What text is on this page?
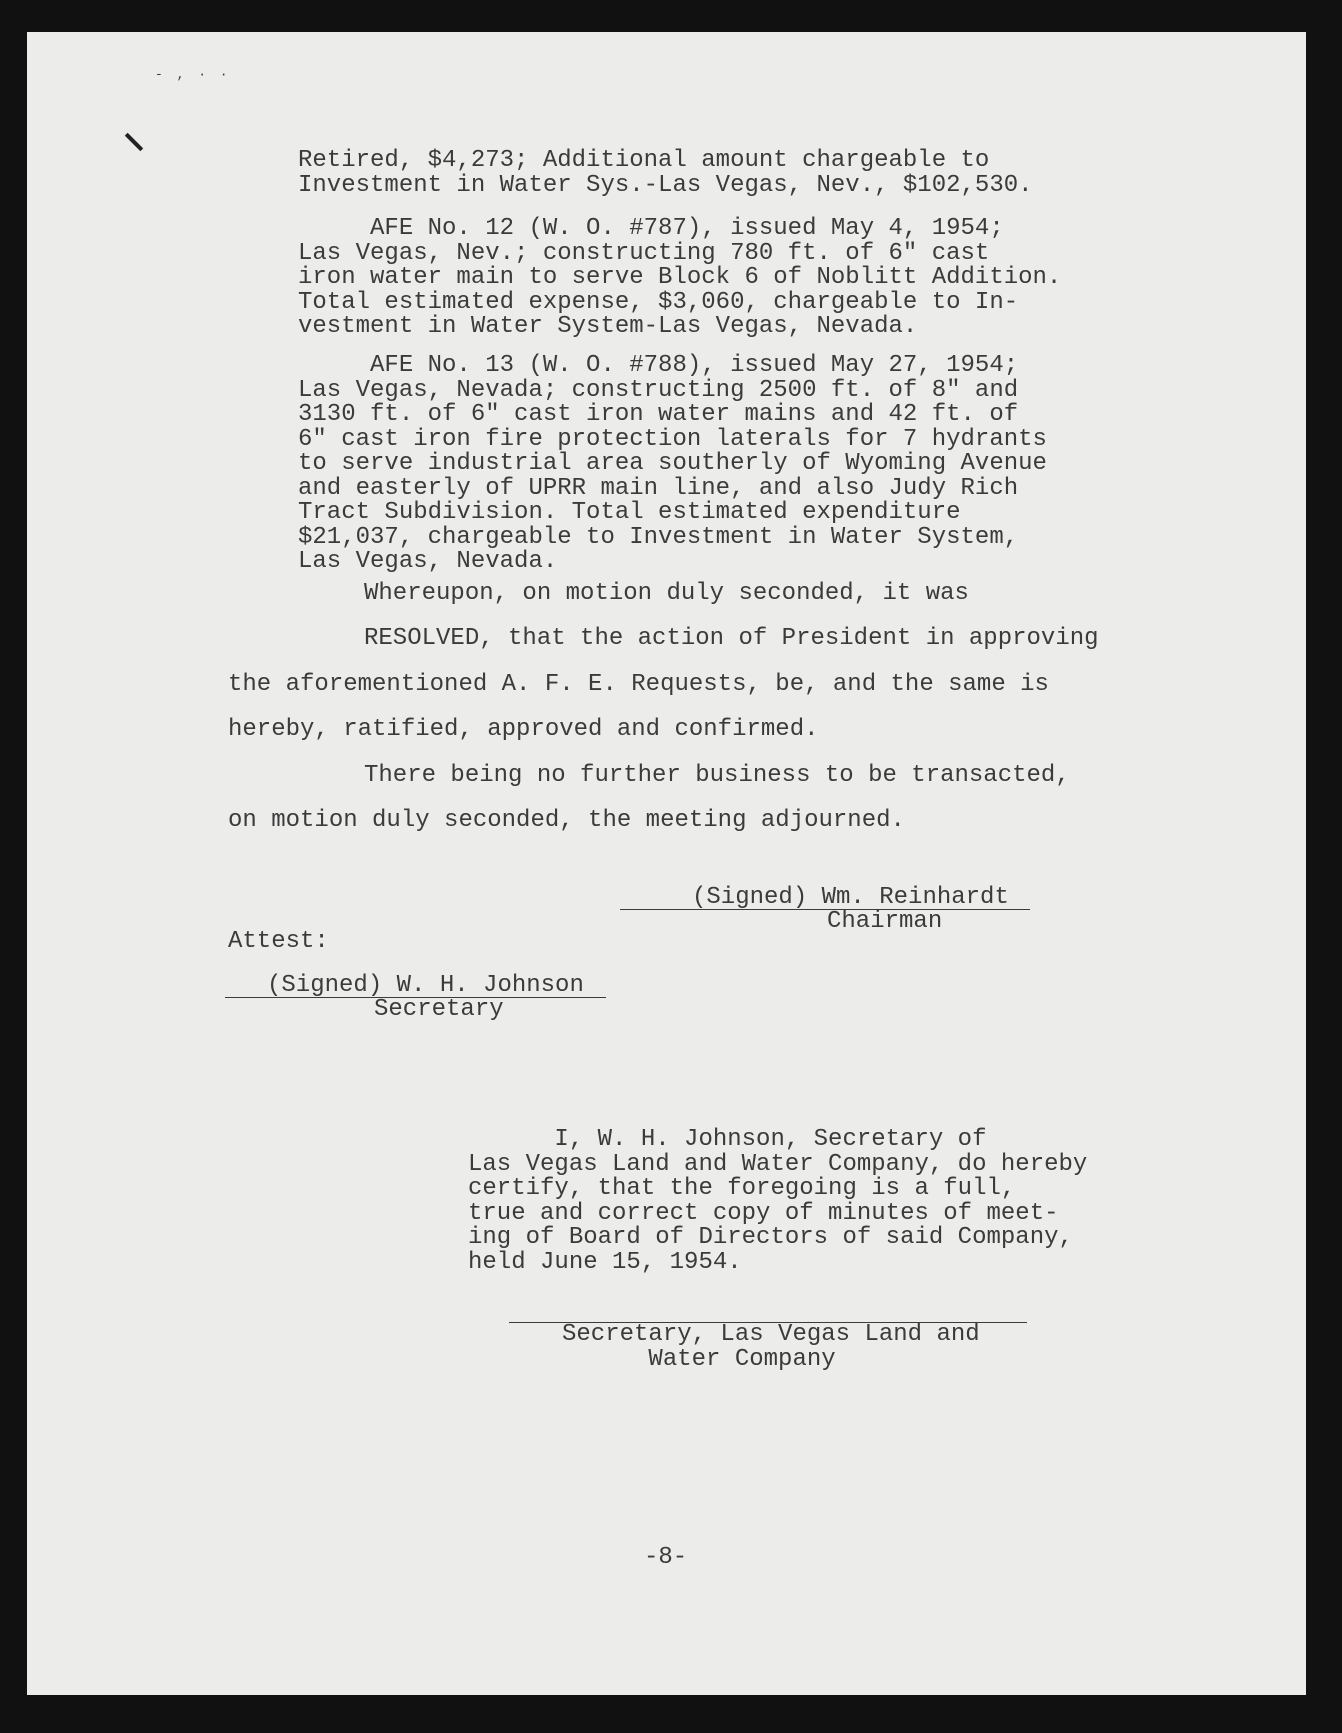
- , · ·
Retired, $4,273; Additional amount chargeable to
Investment in Water Sys.-Las Vegas, Nev., $102,530.
AFE No. 12 (W. O. #787), issued May 4, 1954;
Las Vegas, Nev.; constructing 780 ft. of 6" cast
iron water main to serve Block 6 of Noblitt Addition.
Total estimated expense, $3,060, chargeable to In-
vestment in Water System-Las Vegas, Nevada.
AFE No. 13 (W. O. #788), issued May 27, 1954;
Las Vegas, Nevada; constructing 2500 ft. of 8" and
3130 ft. of 6" cast iron water mains and 42 ft. of
6" cast iron fire protection laterals for 7 hydrants
to serve industrial area southerly of Wyoming Avenue
and easterly of UPRR main line, and also Judy Rich
Tract Subdivision. Total estimated expenditure
$21,037, chargeable to Investment in Water System,
Las Vegas, Nevada.
Whereupon, on motion duly seconded, it was
RESOLVED, that the action of President in approving
the aforementioned A. F. E. Requests, be, and the same is
hereby, ratified, approved and confirmed.
There being no further business to be transacted,
on motion duly seconded, the meeting adjourned.
(Signed) Wm. Reinhardt
Chairman
Attest:
(Signed) W. H. Johnson
Secretary
I, W. H. Johnson, Secretary of
Las Vegas Land and Water Company, do hereby
certify, that the foregoing is a full,
true and correct copy of minutes of meet-
ing of Board of Directors of said Company,
held June 15, 1954.
Secretary, Las Vegas Land and
Water Company
-8-
